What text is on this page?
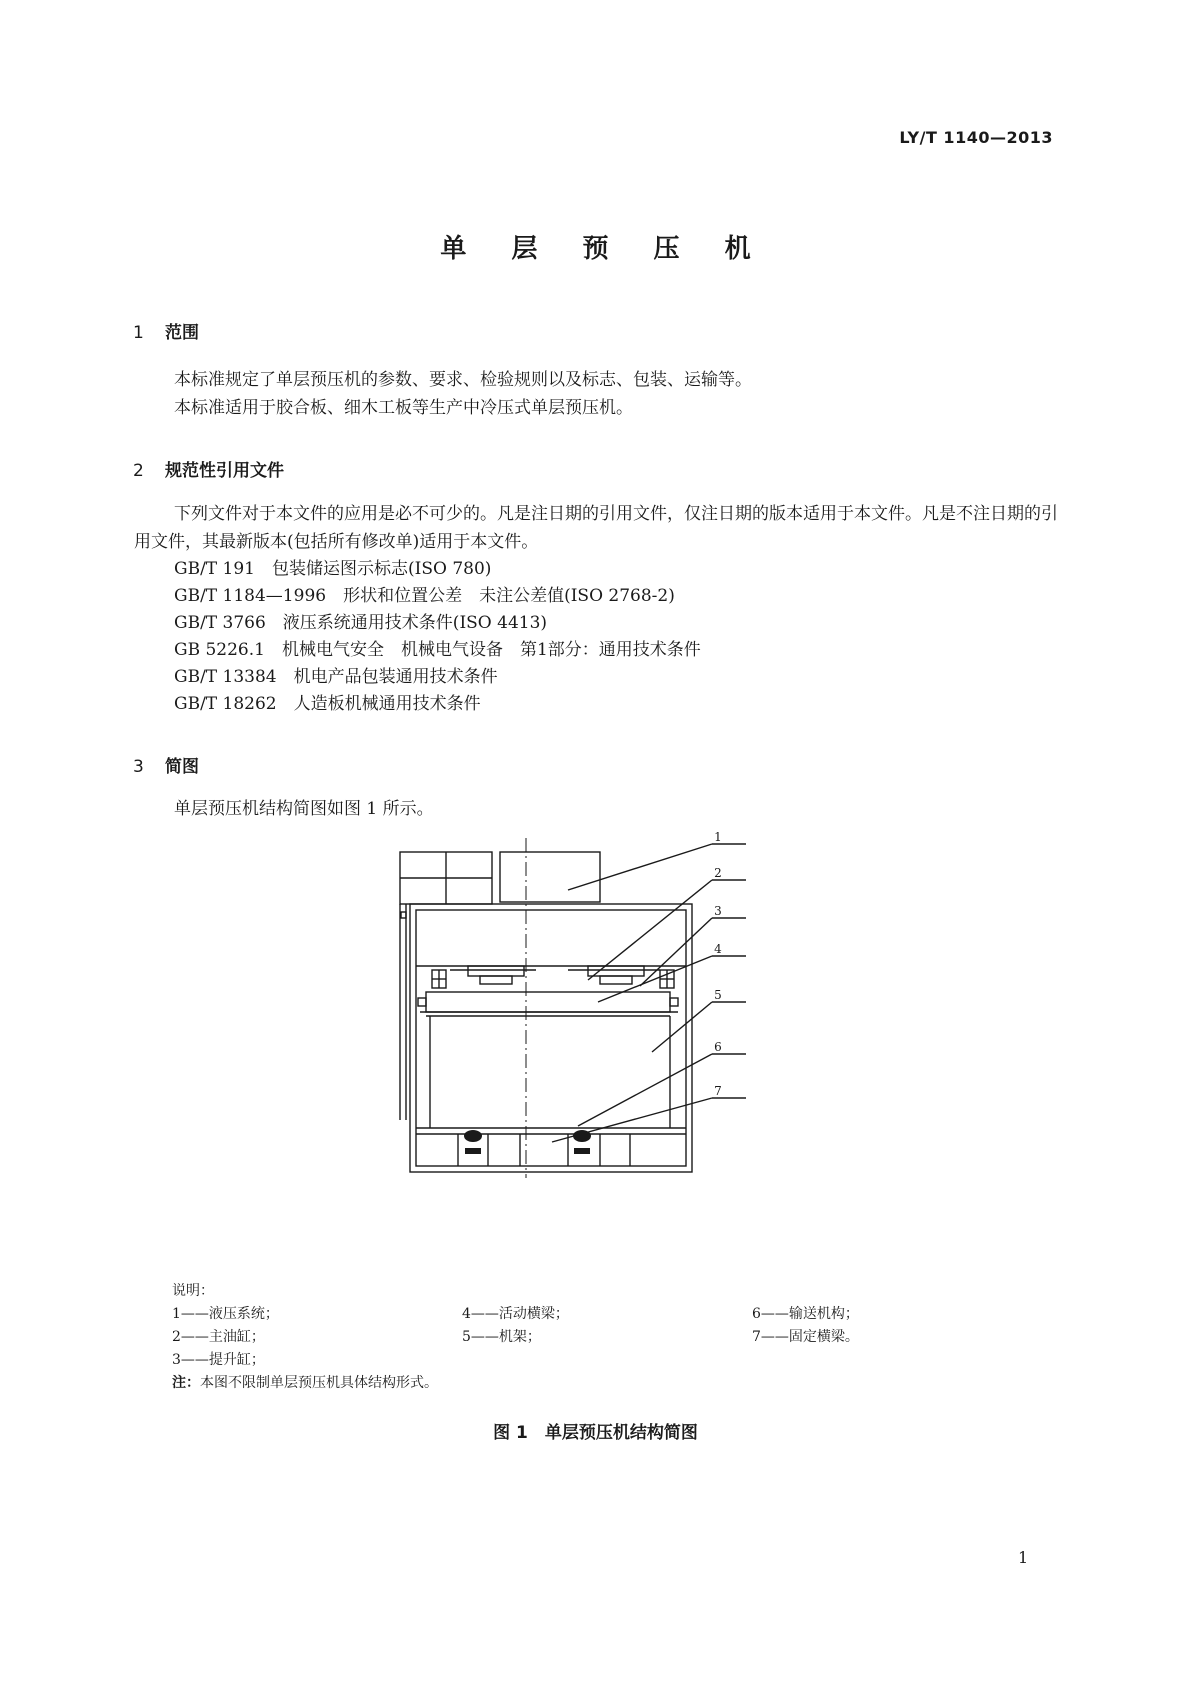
LY/T 1140—2013
单 层 预 压 机
1 范围
本标准规定了单层预压机的参数、要求、检验规则以及标志、包装、运输等。
本标准适用于胶合板、细木工板等生产中冷压式单层预压机。
2 规范性引用文件
下列文件对于本文件的应用是必不可少的。凡是注日期的引用文件，仅注日期的版本适用于本文件。凡是不注日期的引用文件，其最新版本(包括所有修改单)适用于本文件。
GB/T 191　包装储运图示标志(ISO 780)
GB/T 1184—1996　形状和位置公差　未注公差值(ISO 2768-2)
GB/T 3766　液压系统通用技术条件(ISO 4413)
GB 5226.1　机械电气安全　机械电气设备　第1部分：通用技术条件
GB/T 13384　机电产品包装通用技术条件
GB/T 18262　人造板机械通用技术条件
3 简图
单层预压机结构简图如图 1 所示。
1
2
3
4
5
6
7
说明：
1——液压系统；
2——主油缸；
3——提升缸；
4——活动横梁；
5——机架；
6——输送机构；
7——固定横梁。
注：本图不限制单层预压机具体结构形式。
图 1　单层预压机结构简图
1
